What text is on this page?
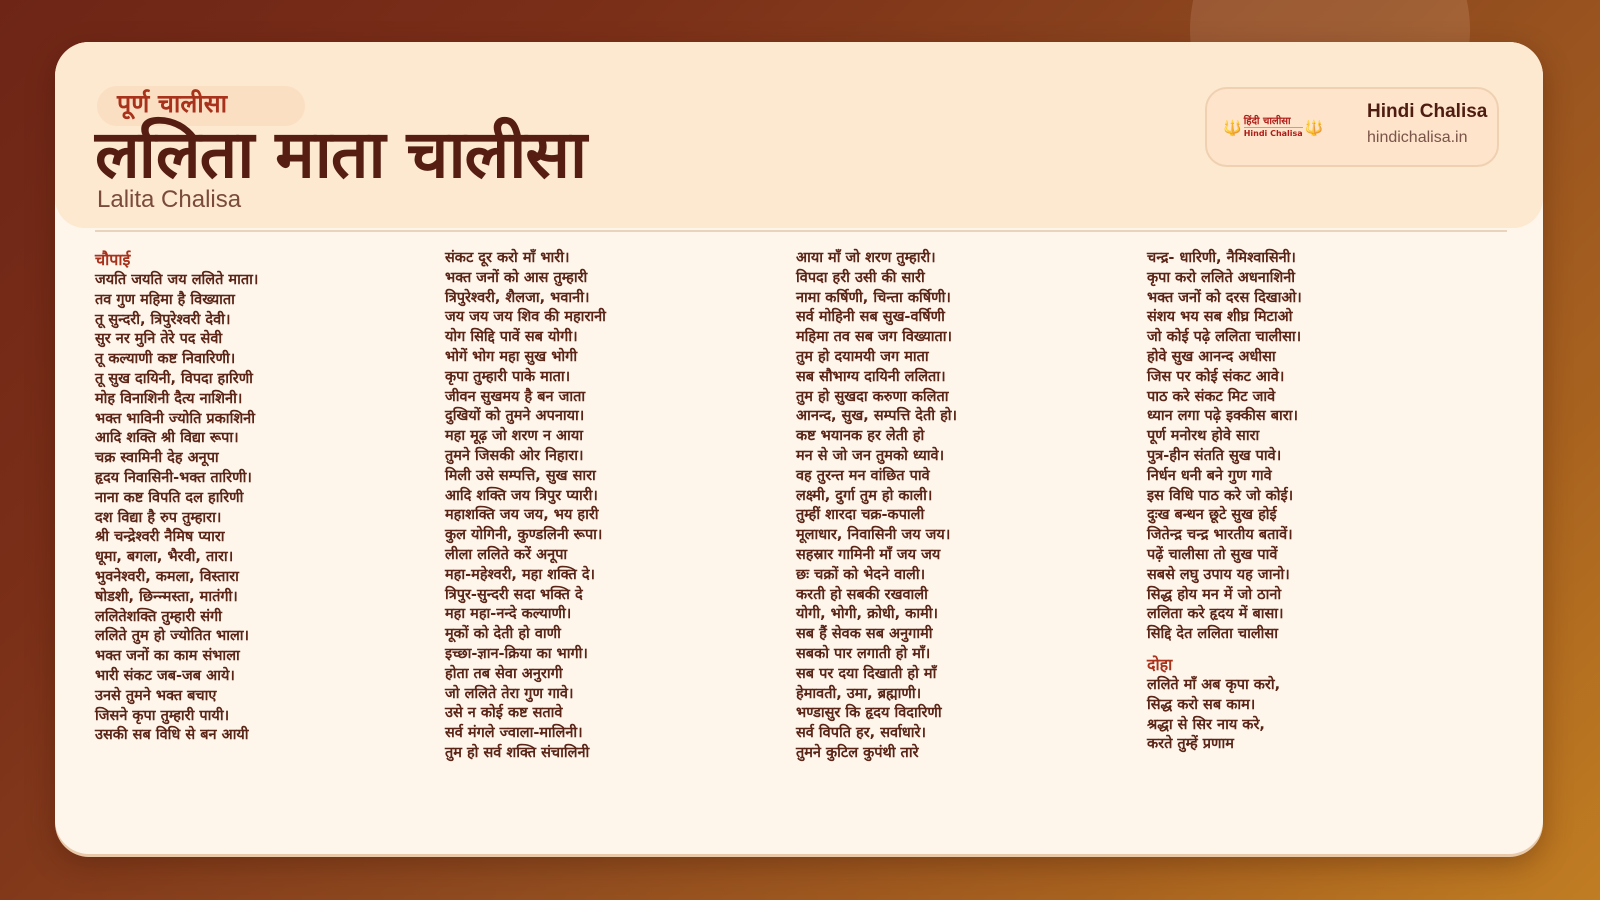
पूर्ण चालीसा
ललिता माता चालीसा
Lalita Chalisa
🔱 हिंदी चालीसा
Hindi Chalisa 🔱
Hindi Chalisa
hindichalisa.in
चौपाई
जयति जयति जय ललिते माता।
तव गुण महिमा है विख्याता
तू सुन्दरी, त्रिपुरेश्वरी देवी।
सुर नर मुनि तेरे पद सेवी
तू कल्याणी कष्ट निवारिणी।
तू सुख दायिनी, विपदा हारिणी
मोह विनाशिनी दैत्य नाशिनी।
भक्त भाविनी ज्योति प्रकाशिनी
आदि शक्ति श्री विद्या रूपा।
चक्र स्वामिनी देह अनूपा
हृदय निवासिनी-भक्त तारिणी।
नाना कष्ट विपति दल हारिणी
दश विद्या है रुप तुम्हारा।
श्री चन्द्रेश्वरी नैमिष प्यारा
धूमा, बगला, भैरवी, तारा।
भुवनेश्वरी, कमला, विस्तारा
षोडशी, छिन्न्मस्ता, मातंगी।
ललितेशक्ति तुम्हारी संगी
ललिते तुम हो ज्योतित भाला।
भक्त जनों का काम संभाला
भारी संकट जब-जब आये।
उनसे तुमने भक्त बचाए
जिसने कृपा तुम्हारी पायी।
उसकी सब विधि से बन आयी
संकट दूर करो माँ भारी।
भक्त जनों को आस तुम्हारी
त्रिपुरेश्वरी, शैलजा, भवानी।
जय जय जय शिव की महारानी
योग सिद्दि पावें सब योगी।
भोगें भोग महा सुख भोगी
कृपा तुम्हारी पाके माता।
जीवन सुखमय है बन जाता
दुखियों को तुमने अपनाया।
महा मूढ़ जो शरण न आया
तुमने जिसकी ओर निहारा।
मिली उसे सम्पत्ति, सुख सारा
आदि शक्ति जय त्रिपुर प्यारी।
महाशक्ति जय जय, भय हारी
कुल योगिनी, कुण्डलिनी रूपा।
लीला ललिते करें अनूपा
महा-महेश्वरी, महा शक्ति दे।
त्रिपुर-सुन्दरी सदा भक्ति दे
महा महा-नन्दे कल्याणी।
मूकों को देती हो वाणी
इच्छा-ज्ञान-क्रिया का भागी।
होता तब सेवा अनुरागी
जो ललिते तेरा गुण गावे।
उसे न कोई कष्ट सतावे
सर्व मंगले ज्वाला-मालिनी।
तुम हो सर्व शक्ति संचालिनी
आया माँ जो शरण तुम्हारी।
विपदा हरी उसी की सारी
नामा कर्षिणी, चिन्ता कर्षिणी।
सर्व मोहिनी सब सुख-वर्षिणी
महिमा तव सब जग विख्याता।
तुम हो दयामयी जग माता
सब सौभाग्य दायिनी ललिता।
तुम हो सुखदा करुणा कलिता
आनन्द, सुख, सम्पत्ति देती हो।
कष्ट भयानक हर लेती हो
मन से जो जन तुमको ध्यावे।
वह तुरन्त मन वांछित पावे
लक्ष्मी, दुर्गा तुम हो काली।
तुम्हीं शारदा चक्र-कपाली
मूलाधार, निवासिनी जय जय।
सहस्रार गामिनी माँ जय जय
छः चक्रों को भेदने वाली।
करती हो सबकी रखवाली
योगी, भोगी, क्रोधी, कामी।
सब हैं सेवक सब अनुगामी
सबको पार लगाती हो माँ।
सब पर दया दिखाती हो माँ
हेमावती, उमा, ब्रह्माणी।
भण्डासुर कि हृदय विदारिणी
सर्व विपति हर, सर्वाधारे।
तुमने कुटिल कुपंथी तारे
चन्द्र- धारिणी, नैमिश्वासिनी।
कृपा करो ललिते अधनाशिनी
भक्त जनों को दरस दिखाओ।
संशय भय सब शीघ्र मिटाओ
जो कोई पढ़े ललिता चालीसा।
होवे सुख आनन्द अधीसा
जिस पर कोई संकट आवे।
पाठ करे संकट मिट जावे
ध्यान लगा पढ़े इक्कीस बारा।
पूर्ण मनोरथ होवे सारा
पुत्र-हीन संतति सुख पावे।
निर्धन धनी बने गुण गावे
इस विधि पाठ करे जो कोई।
दुःख बन्धन छूटे सुख होई
जितेन्द्र चन्द्र भारतीय बतावें।
पढ़ें चालीसा तो सुख पावें
सबसे लघु उपाय यह जानो।
सिद्ध होय मन में जो ठानो
ललिता करे हृदय में बासा।
सिद्दि देत ललिता चालीसा
दोहा
ललिते माँ अब कृपा करो,
सिद्ध करो सब काम।
श्रद्धा से सिर नाय करे,
करते तुम्हें प्रणाम
